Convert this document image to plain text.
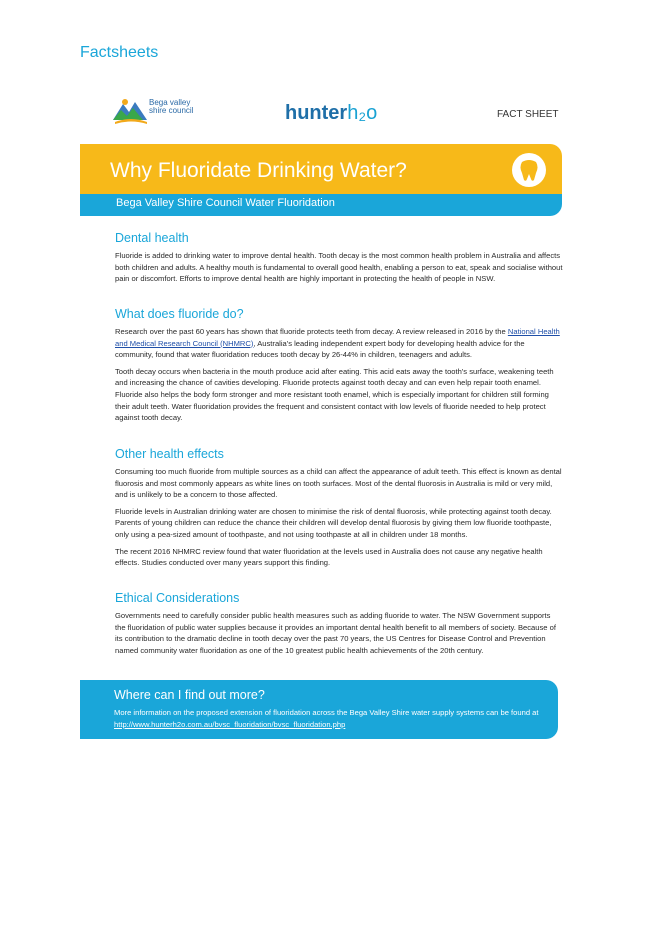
Factsheets
Bega valley
shire council	hunterh₂o	FACT SHEET
Why Fluoridate Drinking Water?
Bega Valley Shire Council Water Fluoridation
Dental health

Fluoride is added to drinking water to improve dental health. Tooth decay is the most common health problem in Australia and affects both children and adults. A healthy mouth is fundamental to overall good health, enabling a person to eat, speak and socialise without pain or discomfort. Efforts to improve dental health are highly important in protecting the health of people in NSW.

What does fluoride do?

Research over the past 60 years has shown that fluoride protects teeth from decay. A review released in 2016 by the National Health and Medical Research Council (NHMRC), Australia's leading independent expert body for developing health advice for the community, found that water fluoridation reduces tooth decay by 26-44% in children, teenagers and adults.

Tooth decay occurs when bacteria in the mouth produce acid after eating. This acid eats away the tooth's surface, weakening teeth and increasing the chance of cavities developing. Fluoride protects against tooth decay and can even help repair tooth enamel. Fluoride also helps the body form stronger and more resistant tooth enamel, which is especially important for children still forming their adult teeth. Water fluoridation provides the frequent and consistent contact with low levels of fluoride needed to help protect against tooth decay.

Other health effects

Consuming too much fluoride from multiple sources as a child can affect the appearance of adult teeth. This effect is known as dental fluorosis and most commonly appears as white lines on tooth surfaces. Most of the dental fluorosis in Australia is mild or very mild, and is unlikely to be a concern to those affected.

Fluoride levels in Australian drinking water are chosen to minimise the risk of dental fluorosis, while protecting against tooth decay. Parents of young children can reduce the chance their children will develop dental fluorosis by giving them low fluoride toothpaste, only using a pea-sized amount of toothpaste, and not using toothpaste at all in children under 18 months.

The recent 2016 NHMRC review found that water fluoridation at the levels used in Australia does not cause any negative health effects. Studies conducted over many years support this finding.

Ethical Considerations

Governments need to carefully consider public health measures such as adding fluoride to water. The NSW Government supports the fluoridation of public water supplies because it provides an important dental health benefit to all members of society. Because of its contribution to the dramatic decline in tooth decay over the past 70 years, the US Centres for Disease Control and Prevention named community water fluoridation as one of the 10 greatest public health achievements of the 20th century.

Where can I find out more?
More information on the proposed extension of fluoridation across the Bega Valley Shire water supply systems can be found at http://www.hunterh2o.com.au/bvsc_fluoridation/bvsc_fluoridation.php
